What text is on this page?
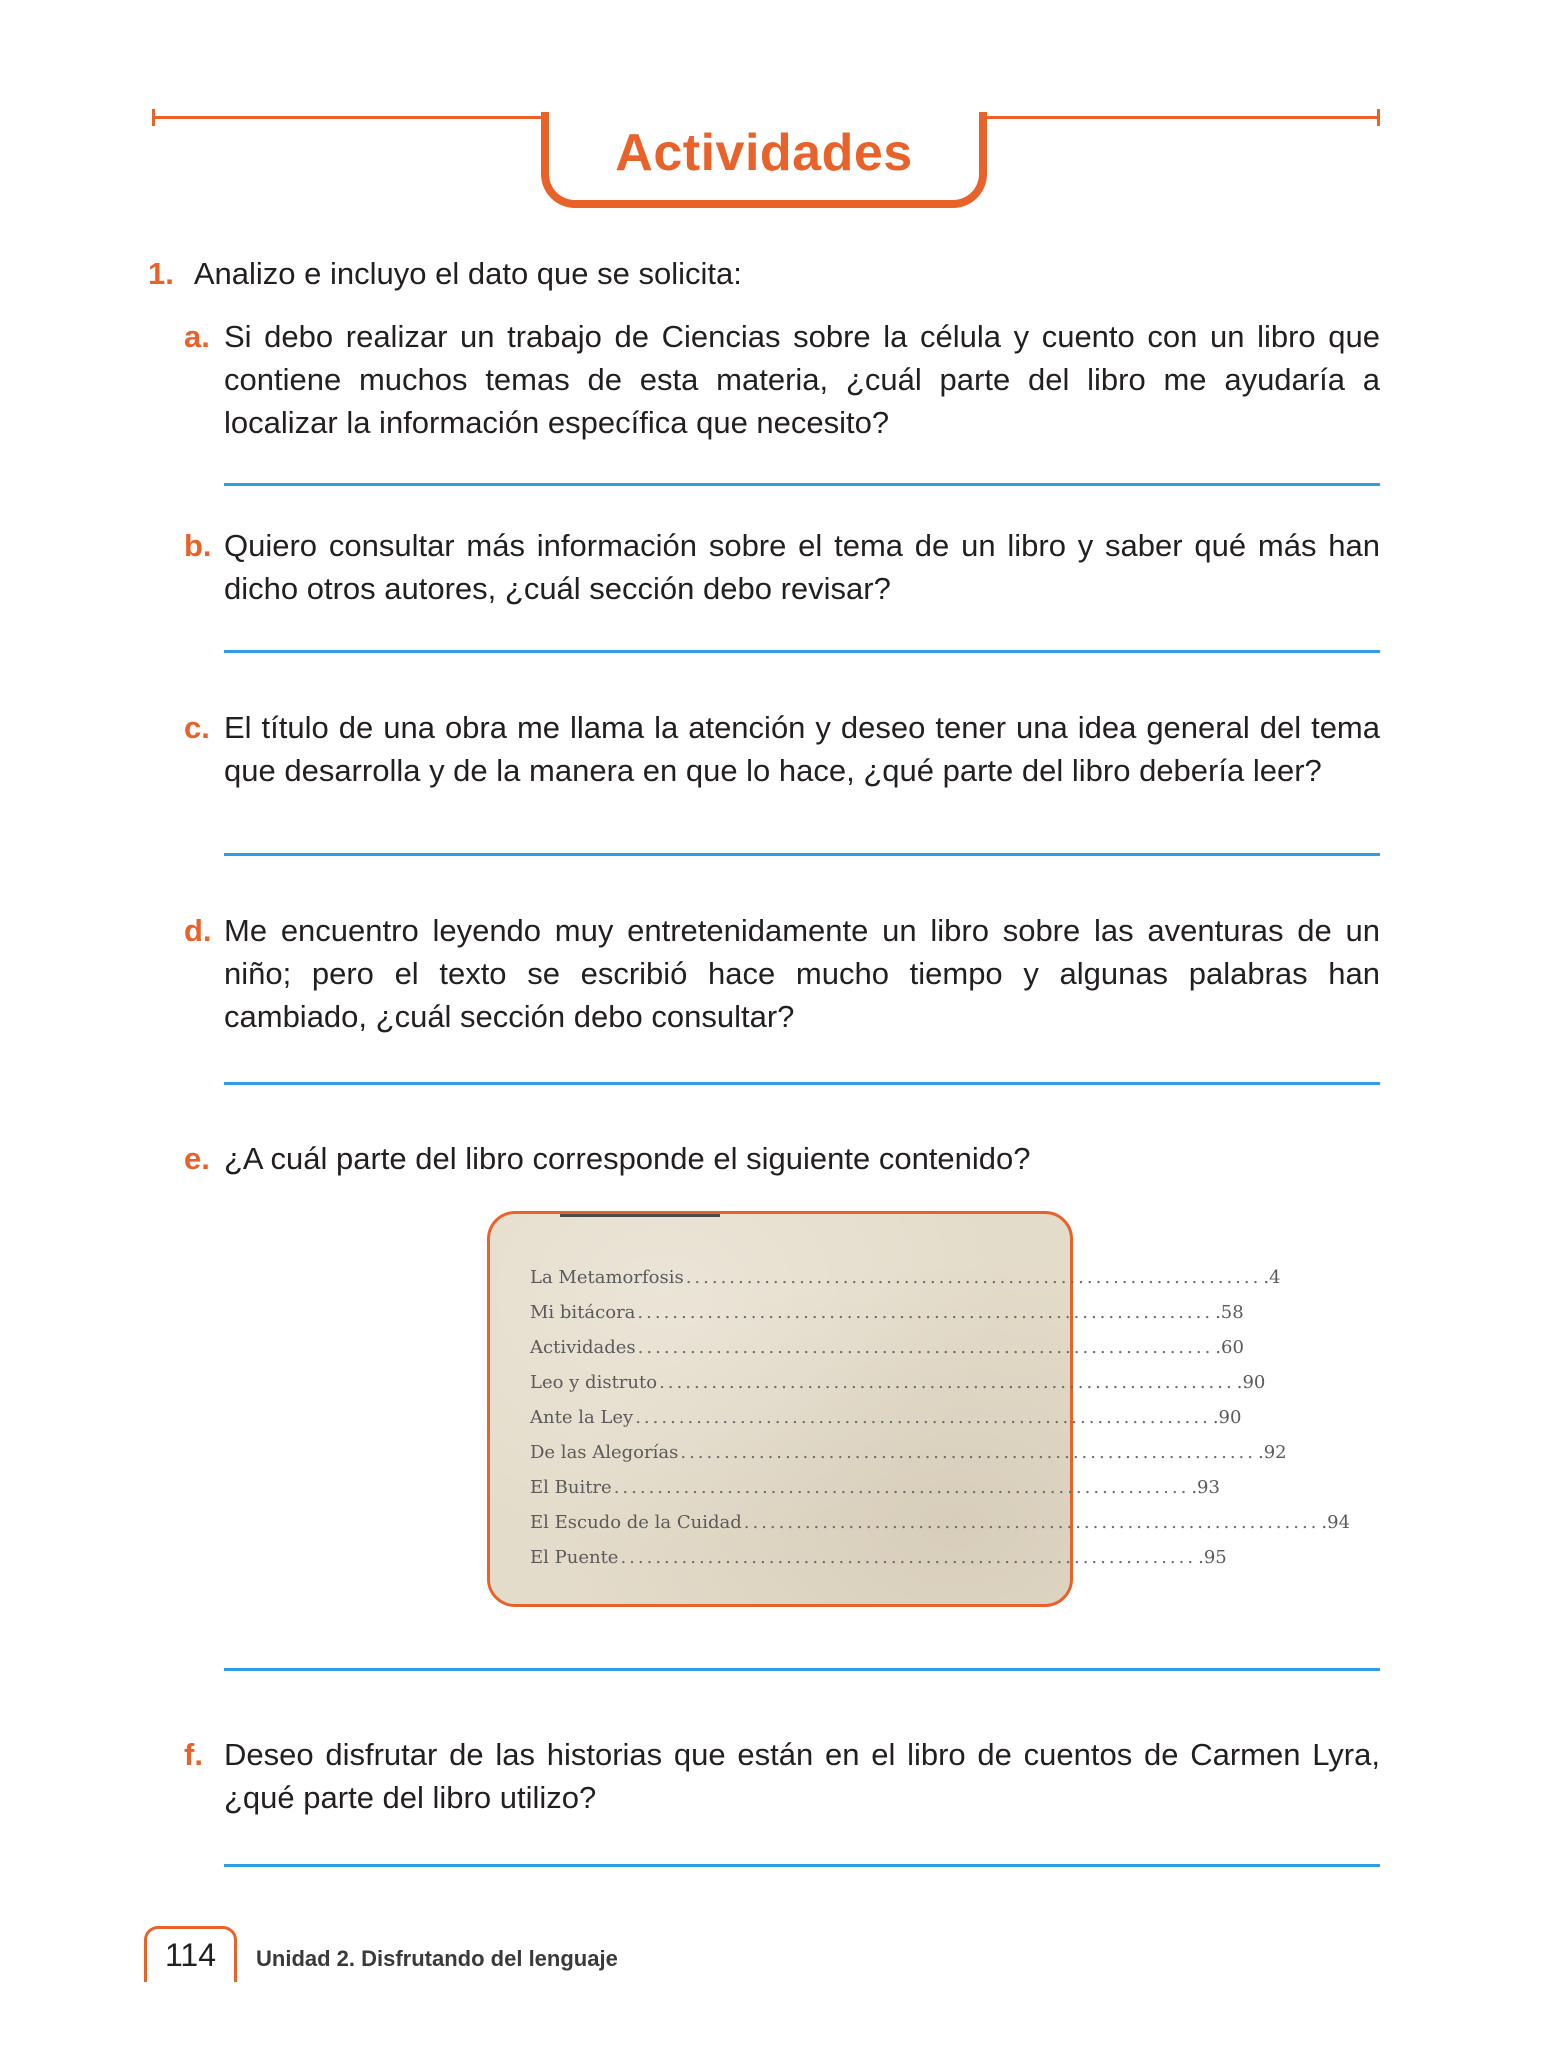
Actividades
1. Analizo e incluyo el dato que se solicita:
a. Si debo realizar un trabajo de Ciencias sobre la célula y cuento con un libro que contiene muchos temas de esta materia, ¿cuál parte del libro me ayudaría a localizar la información específica que necesito?
b. Quiero consultar más información sobre el tema de un libro y saber qué más han dicho otros autores, ¿cuál sección debo revisar?
c. El título de una obra me llama la atención y deseo tener una idea general del tema que desarrolla y de la manera en que lo hace, ¿qué parte del libro debería leer?
d. Me encuentro leyendo muy entretenidamente un libro sobre las aventuras de un niño; pero el texto se escribió hace mucho tiempo y algunas palabras han cambiado, ¿cuál sección debo consultar?
e. ¿A cuál parte del libro corresponde el siguiente contenido?
La Metamorfosis .................................................................. .4
Mi bitácora .................................................................. .58
Actividades .................................................................. .60
Leo y distruto .................................................................. .90
Ante la Ley .................................................................. .90
De las Alegorías .................................................................. .92
El Buitre .................................................................. .93
El Escudo de la Cuidad .................................................................. .94
El Puente .................................................................. .95
f. Deseo disfrutar de las historias que están en el libro de cuentos de Carmen Lyra, ¿qué parte del libro utilizo?
114 Unidad 2. Disfrutando del lenguaje
